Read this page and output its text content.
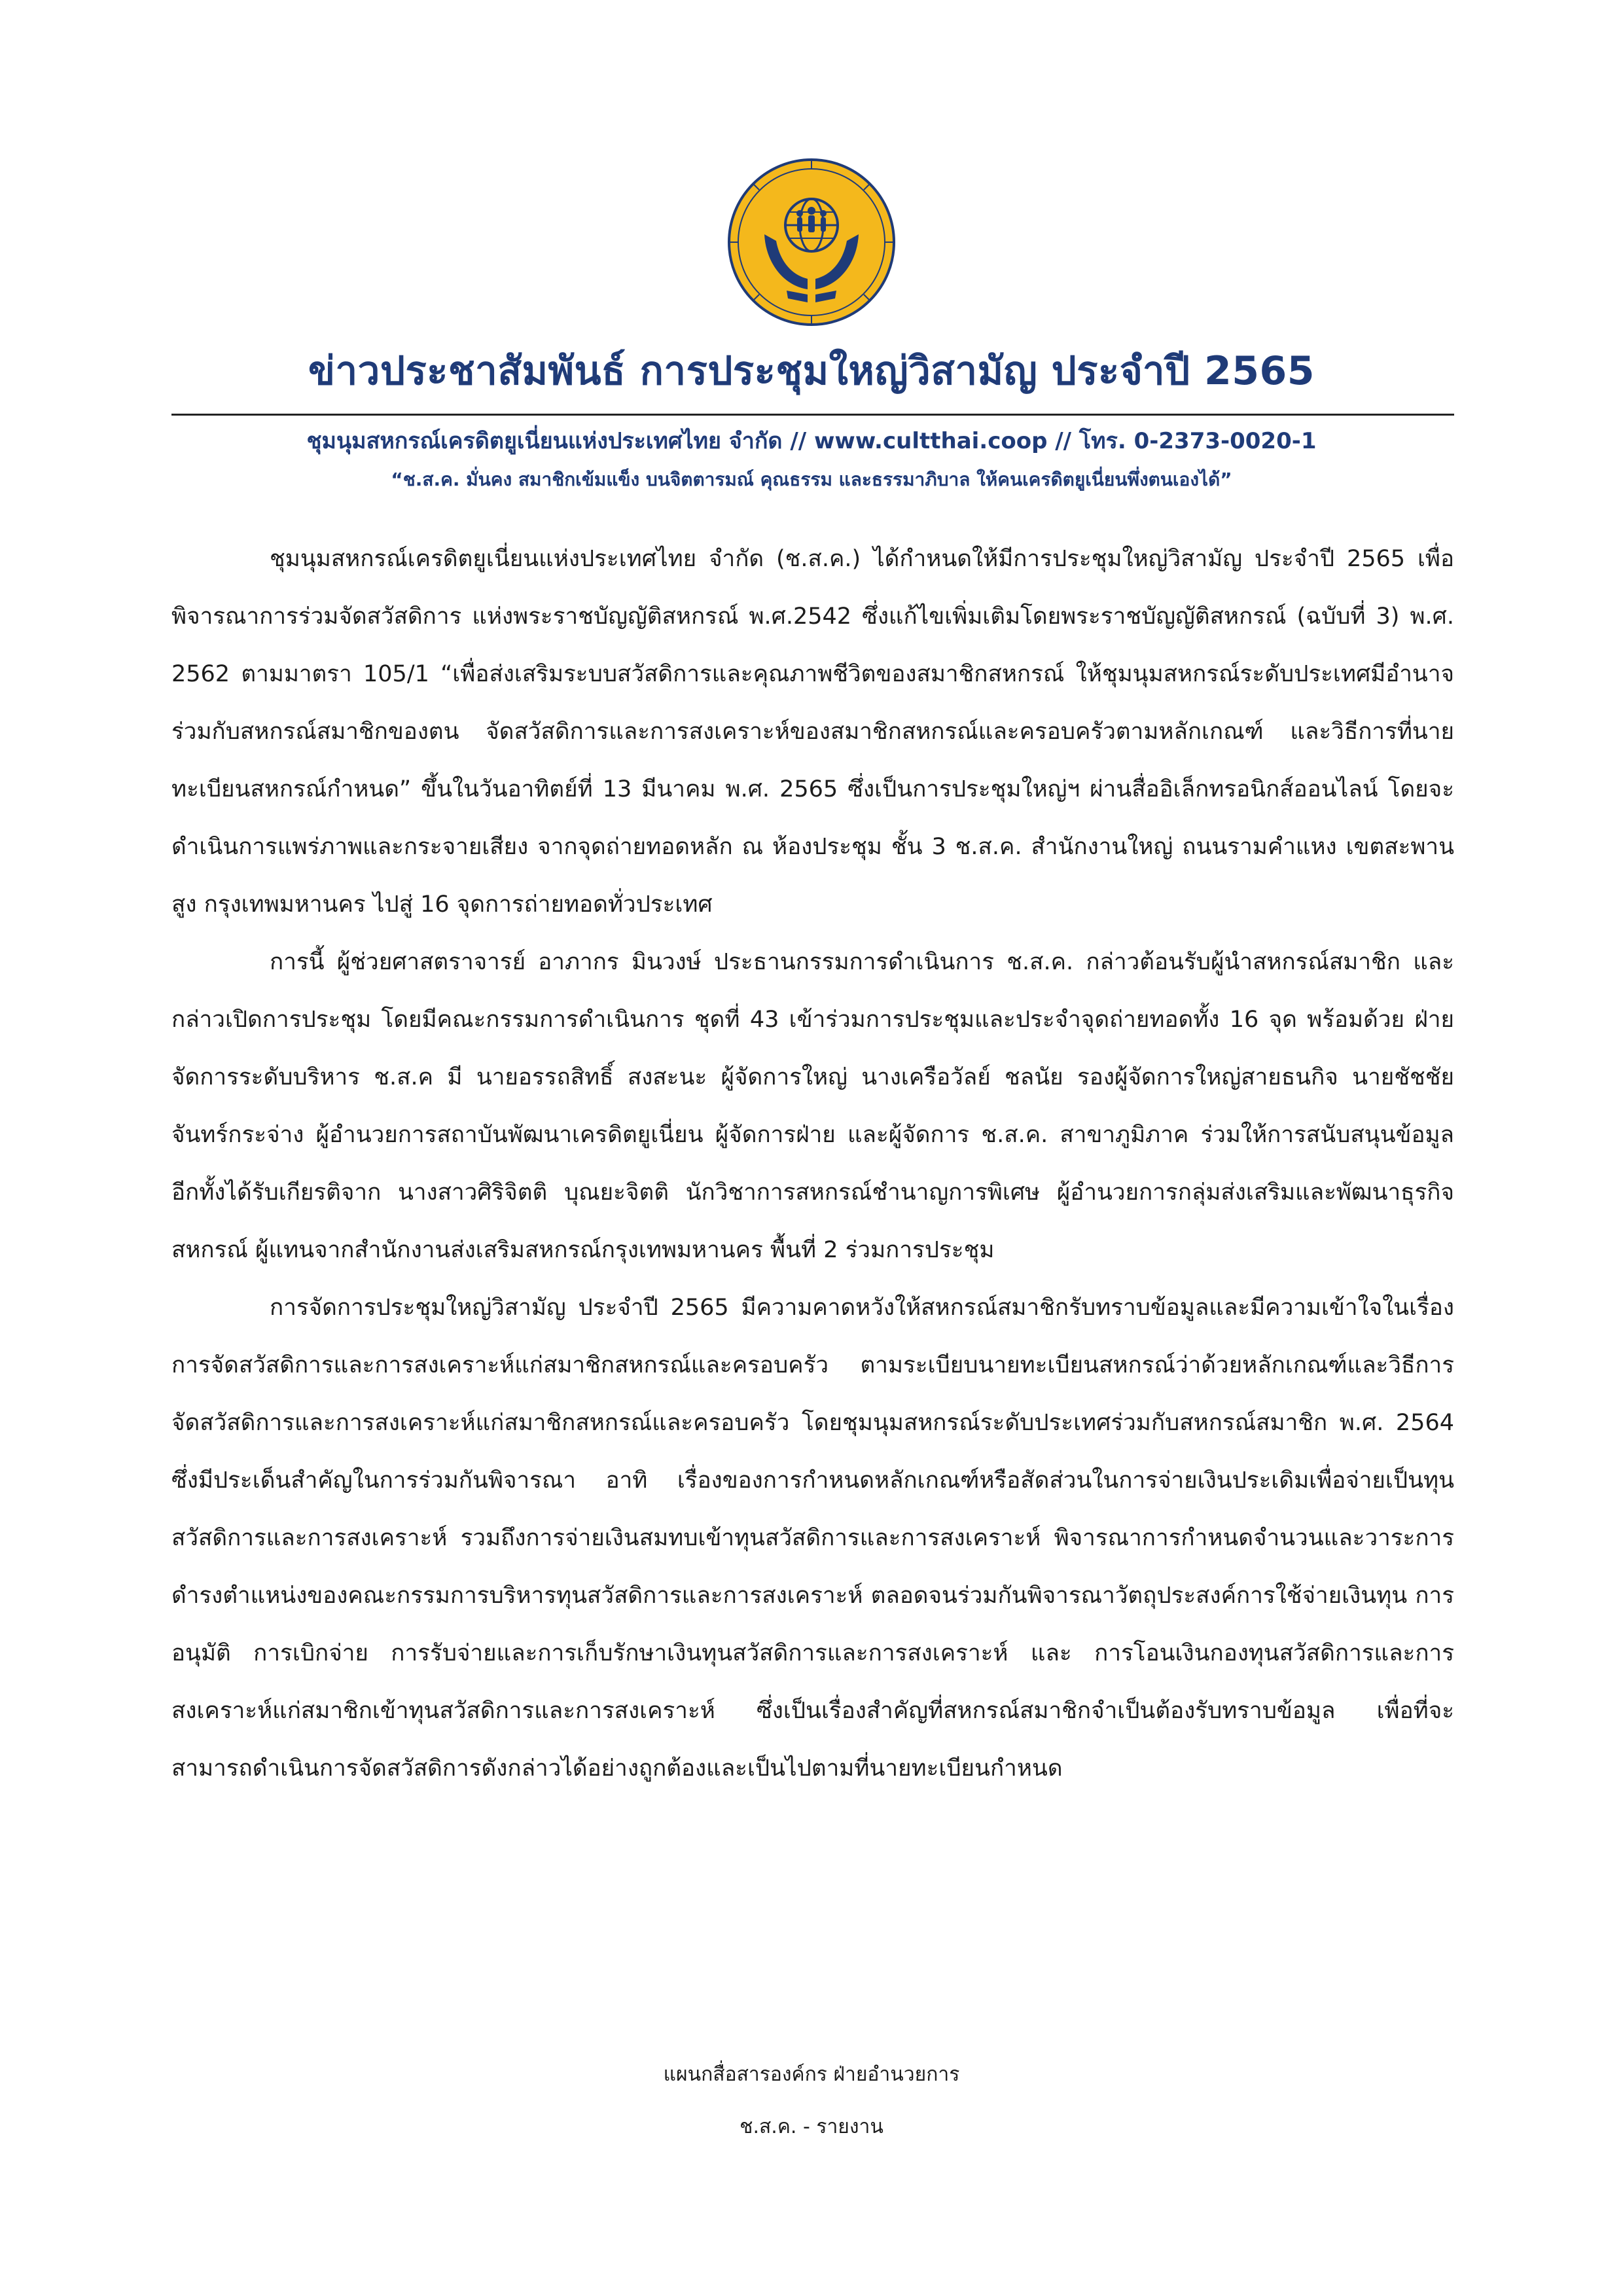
ข่าวประชาสัมพันธ์ การประชุมใหญ่วิสามัญ ประจำปี 2565
ชุมนุมสหกรณ์เครดิตยูเนี่ยนแห่งประเทศไทย จำกัด // www.cultthai.coop // โทร. 0-2373-0020-1
“ช.ส.ค. มั่นคง สมาชิกเข้มแข็ง บนจิตตารมณ์ คุณธรรม และธรรมาภิบาล ให้คนเครดิตยูเนี่ยนพึ่งตนเองได้”

ชุมนุมสหกรณ์เครดิตยูเนี่ยนแห่งประเทศไทย จำกัด (ช.ส.ค.) ได้กำหนดให้มีการประชุมใหญ่วิสามัญ ประจำปี 2565 เพื่อพิจารณาการร่วมจัดสวัสดิการ แห่งพระราชบัญญัติสหกรณ์ พ.ศ.2542 ซึ่งแก้ไขเพิ่มเติมโดยพระราชบัญญัติสหกรณ์ (ฉบับที่ 3) พ.ศ. 2562 ตามมาตรา 105/1 “เพื่อส่งเสริมระบบสวัสดิการและคุณภาพชีวิตของสมาชิกสหกรณ์ ให้ชุมนุมสหกรณ์ระดับประเทศมีอำนาจร่วมกับสหกรณ์สมาชิกของตน จัดสวัสดิการและการสงเคราะห์ของสมาชิกสหกรณ์และครอบครัวตามหลักเกณฑ์ และวิธีการที่นายทะเบียนสหกรณ์กำหนด” ขึ้นในวันอาทิตย์ที่ 13 มีนาคม พ.ศ. 2565 ซึ่งเป็นการประชุมใหญ่ฯ ผ่านสื่ออิเล็กทรอนิกส์ออนไลน์ โดยจะดำเนินการแพร่ภาพและกระจายเสียง จากจุดถ่ายทอดหลัก ณ ห้องประชุม ชั้น 3 ช.ส.ค. สำนักงานใหญ่ ถนนรามคำแหง เขตสะพานสูง กรุงเทพมหานคร ไปสู่ 16 จุดการถ่ายทอดทั่วประเทศ

การนี้ ผู้ช่วยศาสตราจารย์ อาภากร มินวงษ์ ประธานกรรมการดำเนินการ ช.ส.ค. กล่าวต้อนรับผู้นำสหกรณ์สมาชิก และกล่าวเปิดการประชุม โดยมีคณะกรรมการดำเนินการ ชุดที่ 43 เข้าร่วมการประชุมและประจำจุดถ่ายทอดทั้ง 16 จุด พร้อมด้วย ฝ่ายจัดการระดับบริหาร ช.ส.ค มี นายอรรถสิทธิ์ สงสะนะ ผู้จัดการใหญ่ นางเครือวัลย์ ชลนัย รองผู้จัดการใหญ่สายธนกิจ นายชัชชัย จันทร์กระจ่าง ผู้อำนวยการสถาบันพัฒนาเครดิตยูเนี่ยน ผู้จัดการฝ่าย และผู้จัดการ ช.ส.ค. สาขาภูมิภาค ร่วมให้การสนับสนุนข้อมูล อีกทั้งได้รับเกียรติจาก นางสาวศิริจิตติ บุณยะจิตติ นักวิชาการสหกรณ์ชำนาญการพิเศษ ผู้อำนวยการกลุ่มส่งเสริมและพัฒนาธุรกิจสหกรณ์ ผู้แทนจากสำนักงานส่งเสริมสหกรณ์กรุงเทพมหานคร พื้นที่ 2 ร่วมการประชุม

การจัดการประชุมใหญ่วิสามัญ ประจำปี 2565 มีความคาดหวังให้สหกรณ์สมาชิกรับทราบข้อมูลและมีความเข้าใจในเรื่องการจัดสวัสดิการและการสงเคราะห์แก่สมาชิกสหกรณ์และครอบครัว ตามระเบียบนายทะเบียนสหกรณ์ว่าด้วยหลักเกณฑ์และวิธีการจัดสวัสดิการและการสงเคราะห์แก่สมาชิกสหกรณ์และครอบครัว โดยชุมนุมสหกรณ์ระดับประเทศร่วมกับสหกรณ์สมาชิก พ.ศ. 2564 ซึ่งมีประเด็นสำคัญในการร่วมกันพิจารณา อาทิ เรื่องของการกำหนดหลักเกณฑ์หรือสัดส่วนในการจ่ายเงินประเดิมเพื่อจ่ายเป็นทุนสวัสดิการและการสงเคราะห์ รวมถึงการจ่ายเงินสมทบเข้าทุนสวัสดิการและการสงเคราะห์ พิจารณาการกำหนดจำนวนและวาระการดำรงตำแหน่งของคณะกรรมการบริหารทุนสวัสดิการและการสงเคราะห์ ตลอดจนร่วมกันพิจารณาวัตถุประสงค์การใช้จ่ายเงินทุน การอนุมัติ การเบิกจ่าย การรับจ่ายและการเก็บรักษาเงินทุนสวัสดิการและการสงเคราะห์ และ การโอนเงินกองทุนสวัสดิการและการสงเคราะห์แก่สมาชิกเข้าทุนสวัสดิการและการสงเคราะห์ ซึ่งเป็นเรื่องสำคัญที่สหกรณ์สมาชิกจำเป็นต้องรับทราบข้อมูล เพื่อที่จะสามารถดำเนินการจัดสวัสดิการดังกล่าวได้อย่างถูกต้องและเป็นไปตามที่นายทะเบียนกำหนด

แผนกสื่อสารองค์กร ฝ่ายอำนวยการ
ช.ส.ค. - รายงาน
